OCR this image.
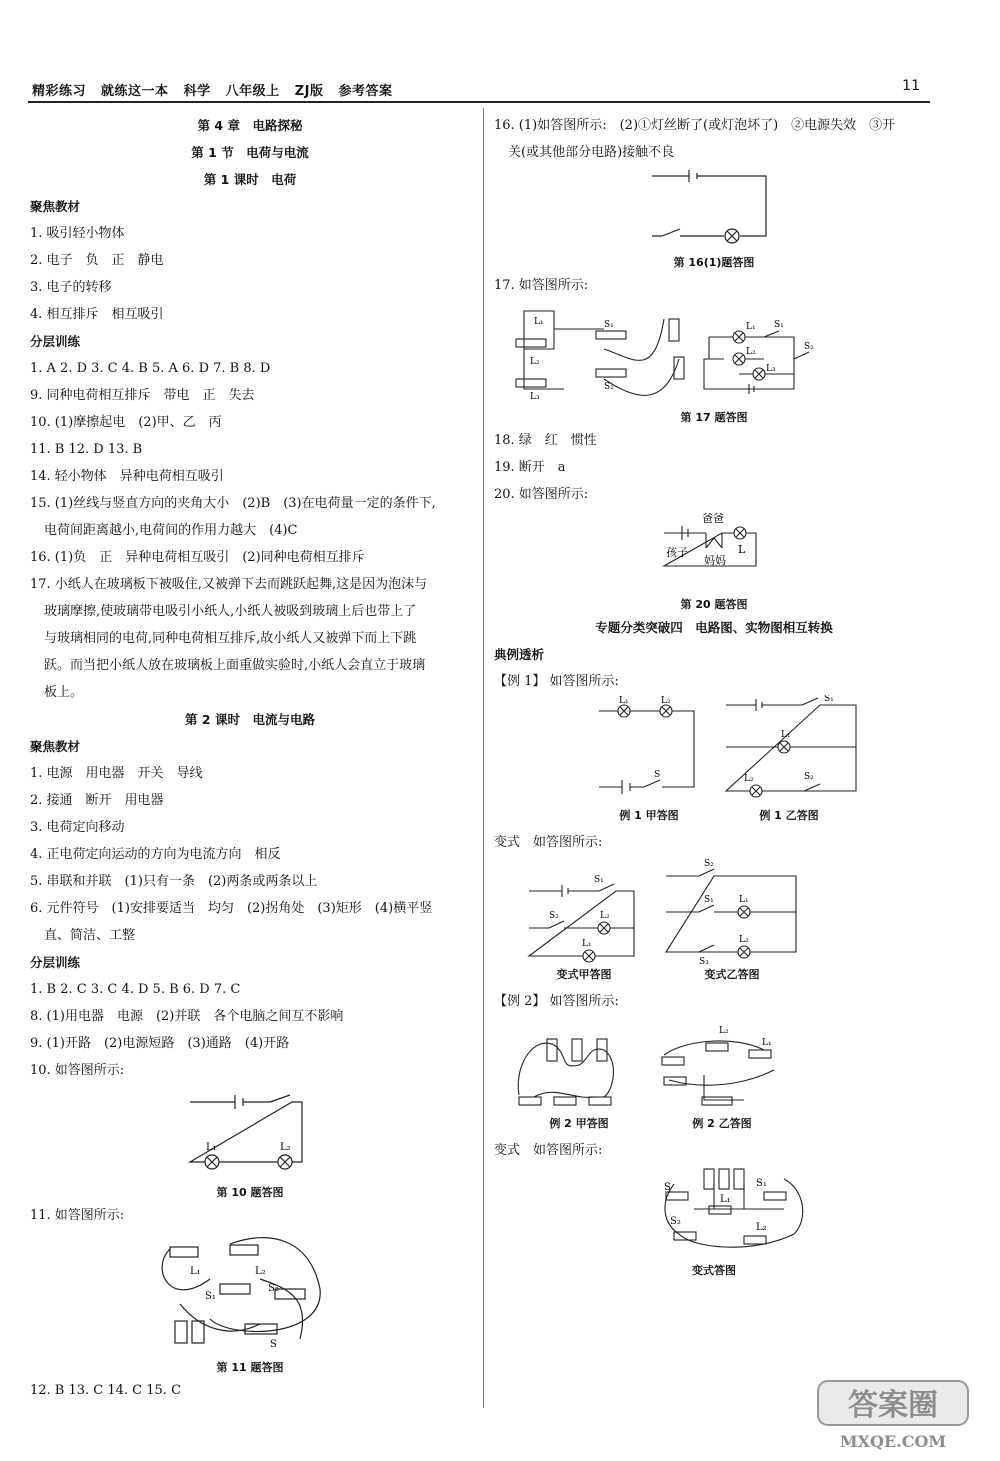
精彩练习 就练这一本 科学 八年级上 ZJ版 参考答案	11
第 4 章　电路探秘
第 1 节　电荷与电流
第 1 课时　电荷
聚焦教材
1. 吸引轻小物体
2. 电子　负　正　静电
3. 电子的转移
4. 相互排斥　相互吸引
分层训练
1. A 2. D 3. C 4. B 5. A 6. D 7. B 8. D
9. 同种电荷相互排斥　带电　正　失去
10. (1)摩擦起电　(2)甲、乙　丙
11. B 12. D 13. B
14. 轻小物体　异种电荷相互吸引
15. (1)丝线与竖直方向的夹角大小　(2)B　(3)在电荷量一定的条件下,
电荷间距离越小,电荷间的作用力越大　(4)C
16. (1)负　正　异种电荷相互吸引　(2)同种电荷相互排斥
17. 小纸人在玻璃板下被吸住,又被弹下去而跳跃起舞,这是因为泡沫与
玻璃摩擦,使玻璃带电吸引小纸人,小纸人被吸到玻璃上后也带上了
与玻璃相同的电荷,同种电荷相互排斥,故小纸人又被弹下而上下跳
跃。而当把小纸人放在玻璃板上面重做实验时,小纸人会直立于玻璃
板上。
第 2 课时　电流与电路
聚焦教材
1. 电源　用电器　开关　导线
2. 接通　断开　用电器
3. 电荷定向移动
4. 正电荷定向运动的方向为电流方向　相反
5. 串联和并联　(1)只有一条　(2)两条或两条以上
6. 元件符号　(1)安排要适当　均匀　(2)拐角处　(3)矩形　(4)横平竖
直、简洁、工整
分层训练
1. B 2. C 3. C 4. D 5. B 6. D 7. C
8. (1)用电器　电源　(2)并联　各个电脑之间互不影响
9. (1)开路　(2)电源短路　(3)通路　(4)开路
10. 如答图所示:
L₁	L₂
第 10 题答图
11. 如答图所示:
L₁
S₁
L₂
S₂
S
第 11 题答图
12. B 13. C 14. C 15. C
16. (1)如答图所示:　(2)①灯丝断了(或灯泡坏了)　②电源失效　③开
关(或其他部分电路)接触不良
第 16(1)题答图
17. 如答图所示:
L₁	S₁
L₂
S₂
L₃
L₁ S₁
L₂	S₂
L₃
第 17 题答图
18. 绿　红　惯性
19. 断开　a
20. 如答图所示:
爸爸
孩子
妈妈
L
第 20 题答图
专题分类突破四　电路图、实物图相互转换
典例透析
【例 1】 如答图所示:
L₁	L₂
S
S₁
L₁
L₂	S₂
例 1 甲答图	例 1 乙答图
变式　如答图所示:
S₁
S₂	L₂
L₁
S₂
S₁	L₁
L₂
S₃
变式甲答图	变式乙答图
【例 2】 如答图所示:
L₂
L₁
例 2 甲答图	例 2 乙答图
变式　如答图所示:
S	S₁
L₁
S₂
L₂
变式答图
答案圈
MXQE.COM
